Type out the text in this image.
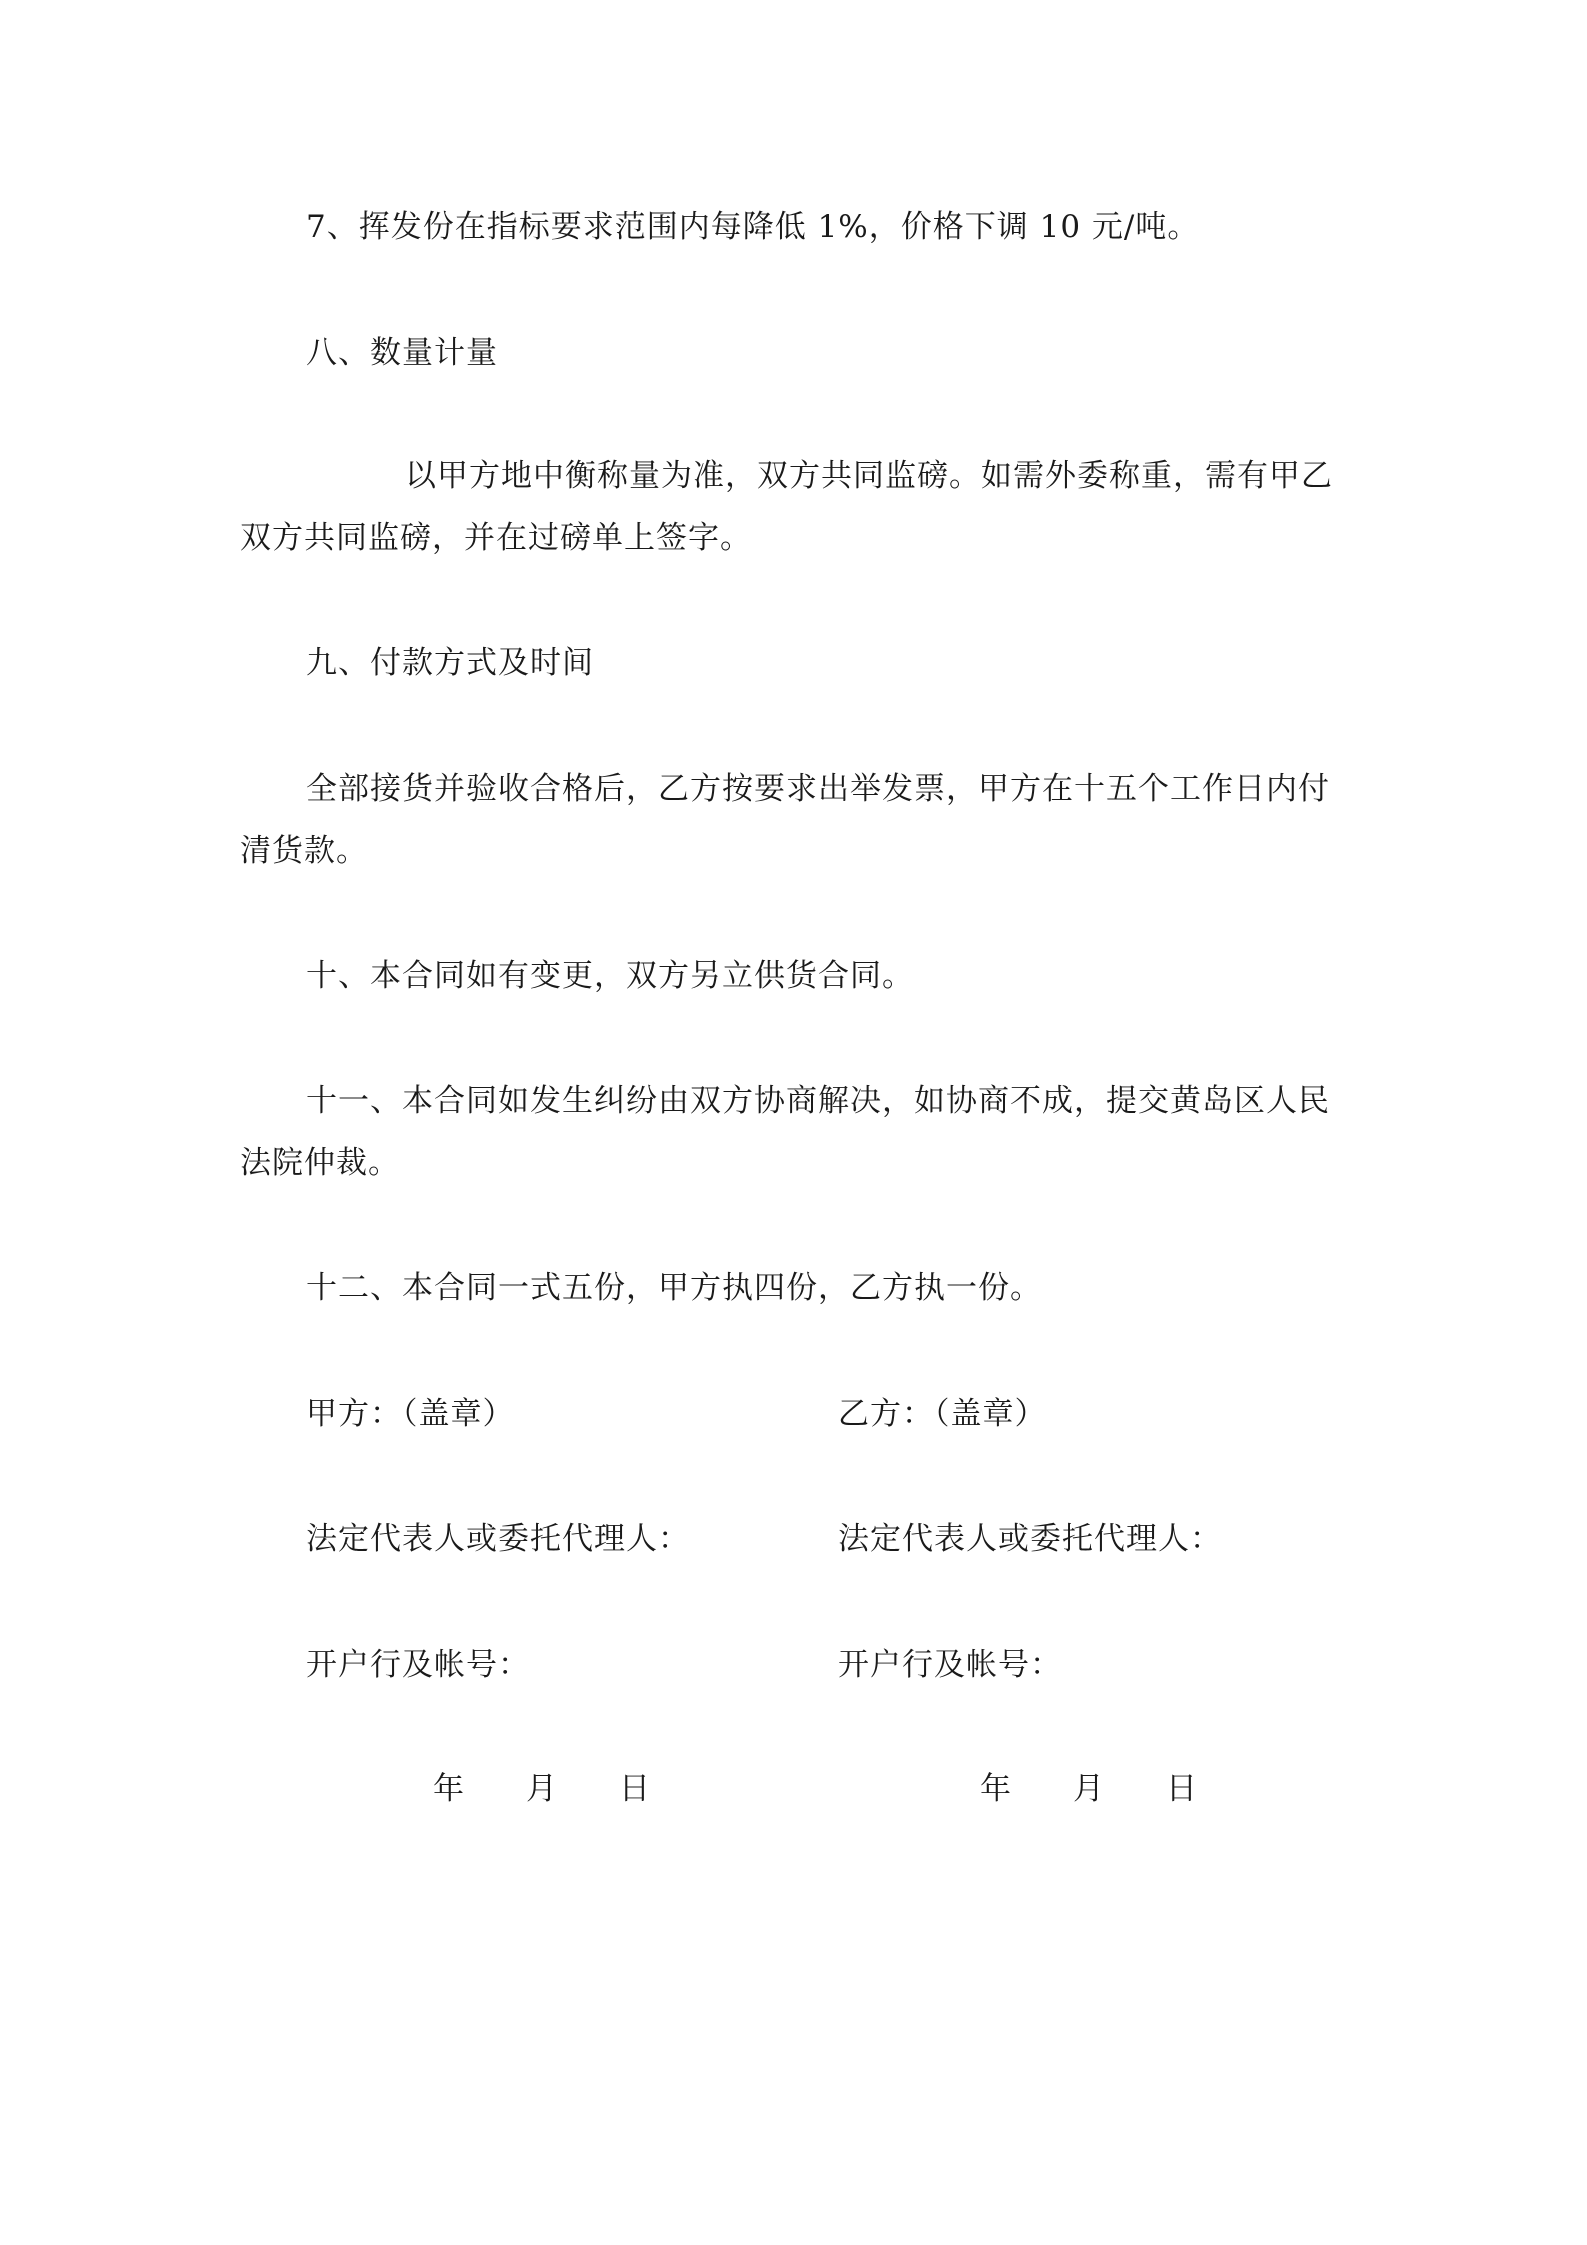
7、挥发份在指标要求范围内每降低 1%，价格下调 10 元/吨。

八、数量计量

以甲方地中衡称量为准，双方共同监磅。如需外委称重，需有甲乙双方共同监磅，并在过磅单上签字。

九、付款方式及时间

全部接货并验收合格后，乙方按要求出举发票，甲方在十五个工作日内付清货款。

十、本合同如有变更，双方另立供货合同。

十一、本合同如发生纠纷由双方协商解决，如协商不成，提交黄岛区人民法院仲裁。

十二、本合同一式五份，甲方执四份，乙方执一份。

甲方：（盖章）

法定代表人或委托代理人：

开户行及帐号：

年　　月　　日

乙方：（盖章）

法定代表人或委托代理人：

开户行及帐号：

年　　月　　日
